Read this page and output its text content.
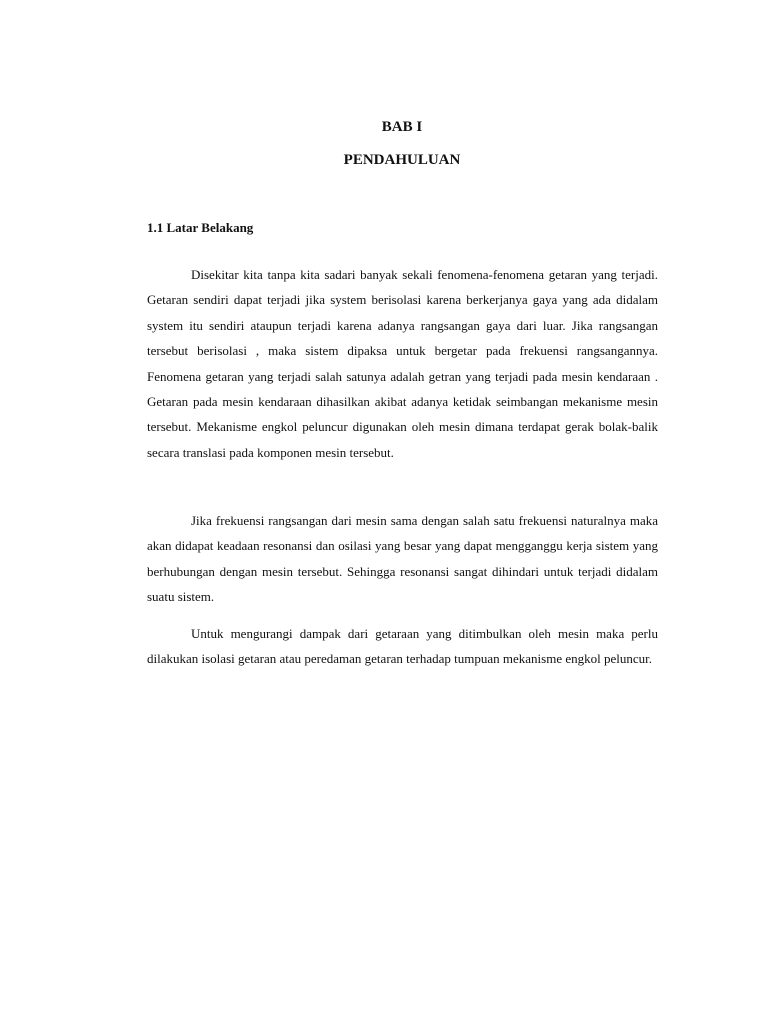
BAB I
PENDAHULUAN
1.1 Latar Belakang

Disekitar kita tanpa kita sadari banyak sekali fenomena-fenomena getaran yang terjadi. Getaran sendiri dapat terjadi jika system berisolasi karena berkerjanya gaya yang ada didalam system itu sendiri ataupun terjadi karena adanya rangsangan gaya dari luar. Jika rangsangan tersebut berisolasi , maka sistem dipaksa untuk bergetar pada frekuensi rangsangannya. Fenomena getaran yang terjadi salah satunya adalah getran yang terjadi pada mesin kendaraan . Getaran pada mesin kendaraan dihasilkan akibat adanya ketidak seimbangan mekanisme mesin tersebut. Mekanisme engkol peluncur digunakan oleh mesin dimana terdapat gerak bolak-balik secara translasi pada komponen mesin tersebut.

Jika frekuensi rangsangan dari mesin sama dengan salah satu frekuensi naturalnya maka akan didapat keadaan resonansi dan osilasi yang besar yang dapat mengganggu kerja sistem yang berhubungan dengan mesin tersebut. Sehingga resonansi sangat dihindari untuk terjadi didalam suatu sistem.

Untuk mengurangi dampak dari getaraan yang ditimbulkan oleh mesin maka perlu dilakukan isolasi getaran atau peredaman getaran terhadap tumpuan mekanisme engkol peluncur.
